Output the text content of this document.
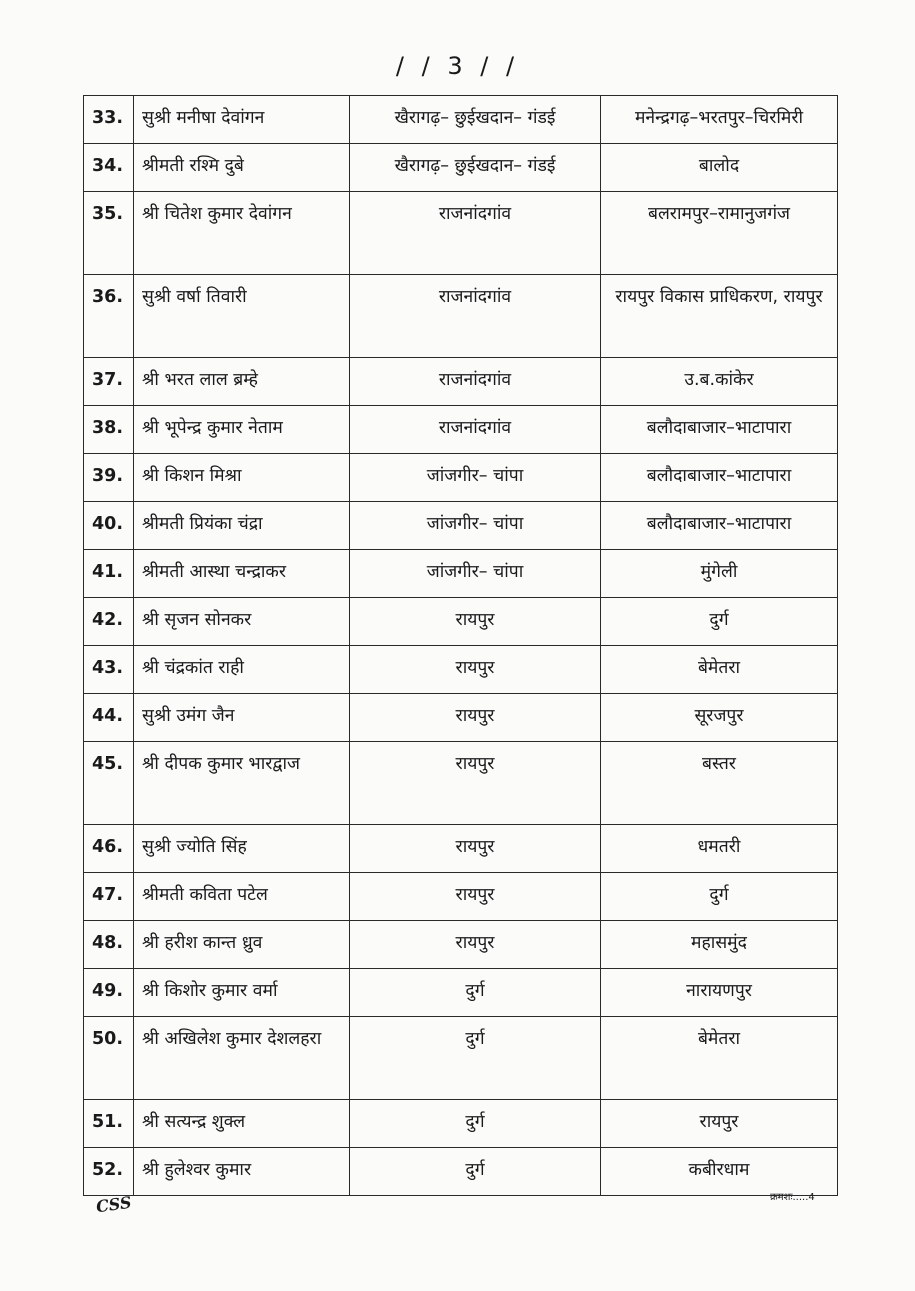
/ / 3 / /
33.	सुश्री मनीषा देवांगन	खैरागढ़– छुईखदान– गंडई	मनेन्द्रगढ़–भरतपुर–चिरमिरी
34.	श्रीमती रश्मि दुबे	खैरागढ़– छुईखदान– गंडई	बालोद
35.	श्री चितेश कुमार देवांगन	राजनांदगांव	बलरामपुर–रामानुजगंज
36.	सुश्री वर्षा तिवारी	राजनांदगांव	रायपुर विकास प्राधिकरण, रायपुर
37.	श्री भरत लाल ब्रम्हे	राजनांदगांव	उ.ब.कांकेर
38.	श्री भूपेन्द्र कुमार नेताम	राजनांदगांव	बलौदाबाजार–भाटापारा
39.	श्री किशन मिश्रा	जांजगीर– चांपा	बलौदाबाजार–भाटापारा
40.	श्रीमती प्रियंका चंद्रा	जांजगीर– चांपा	बलौदाबाजार–भाटापारा
41.	श्रीमती आस्था चन्द्राकर	जांजगीर– चांपा	मुंगेली
42.	श्री सृजन सोनकर	रायपुर	दुर्ग
43.	श्री चंद्रकांत राही	रायपुर	बेमेतरा
44.	सुश्री उमंग जैन	रायपुर	सूरजपुर
45.	श्री दीपक कुमार भारद्वाज	रायपुर	बस्तर
46.	सुश्री ज्योति सिंह	रायपुर	धमतरी
47.	श्रीमती कविता पटेल	रायपुर	दुर्ग
48.	श्री हरीश कान्त ध्रुव	रायपुर	महासमुंद
49.	श्री किशोर कुमार वर्मा	दुर्ग	नारायणपुर
50.	श्री अखिलेश कुमार देशलहरा	दुर्ग	बेमेतरा
51.	श्री सत्यन्द्र शुक्ल	दुर्ग	रायपुर
52.	श्री हुलेश्वर कुमार	दुर्ग	कबीरधाम
CSS	क्रमशः.....4
